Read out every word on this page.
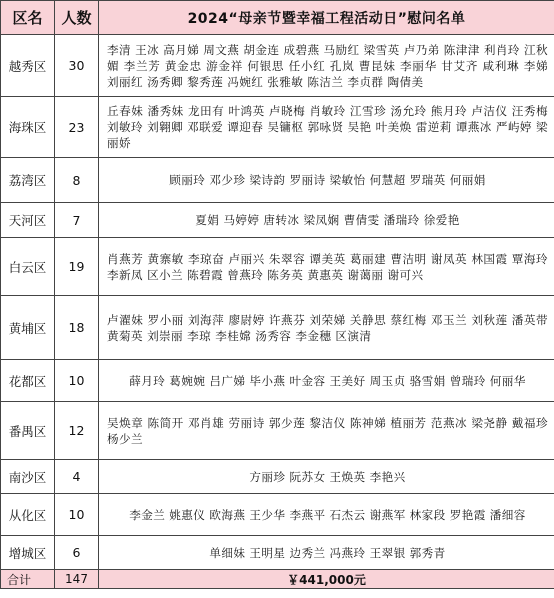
区名	人数	2024“母亲节暨幸福工程活动日”慰问名单
越秀区	30	李清 王冰 高月娣 周文燕 胡金连 成碧燕 马励红 梁雪英 卢乃弟 陈津津 利肖玲 江秋媚 李兰芳 黄金忠 游金祥 何银思 任小红 孔岚 曹昆妹 李丽华 甘艾齐 咸利琳 李娣 刘丽红 汤秀卿 黎秀莲 冯婉红 张雅敏 陈洁兰 李贞群 陶倩美
海珠区	23	丘春妹 潘秀妹 龙田有 叶鸿英 卢晓梅 肖敏玲 江雪珍 汤允玲 熊月玲 卢洁仪 汪秀梅 刘敏玲 刘翱卿 邓联爱 谭迎春 吴镛枢 郭咏贤 吴艳 叶美焕 雷逆莉 谭燕冰 严屿婷 梁丽娇
荔湾区	8	顾丽玲 邓少珍 梁诗韵 罗丽诗 梁敏怡 何慧超 罗瑞英 何丽娟
天河区	7	夏娟 马婷婷 唐转冰 梁凤娴 曹倩雯 潘瑞玲 徐爱艳
白云区	19	肖燕芳 黄寨敏 李琼奋 卢丽兴 朱翠容 谭美英 葛丽建 曹洁明 谢凤英 林国霞 覃海玲 李新凤 区小兰 陈碧霞 曾燕玲 陈务英 黄惠英 谢蔼丽 谢可兴
黄埔区	18	卢濯妹 罗小丽 刘海萍 廖尉婷 许燕芬 刘荣娣 关静思 蔡红梅 邓玉兰 刘秋莲 潘英带 黄菊英 刘崇丽 李琼 李桂嫦 汤秀容 李金穗 区演清
花都区	10	薛月玲 葛婉婉 吕广娣 毕小燕 叶金容 王美好 周玉贞 骆雪娟 曾瑞玲 何丽华
番禺区	12	吴焕章 陈简开 邓肖雄 劳丽诗 郭少莲 黎洁仪 陈神娣 植丽芳 范燕冰 梁尧静 戴福珍 杨少兰
南沙区	4	方丽珍 阮苏女 王焕英 李艳兴
从化区	10	李金兰 姚惠仪 欧海燕 王少华 李燕平 石杰云 谢燕军 林家段 罗艳霞 潘细容
增城区	6	单细妹 王明星 边秀兰 冯燕玲 王翠银 郭秀青
合计	147	￥441,000元
